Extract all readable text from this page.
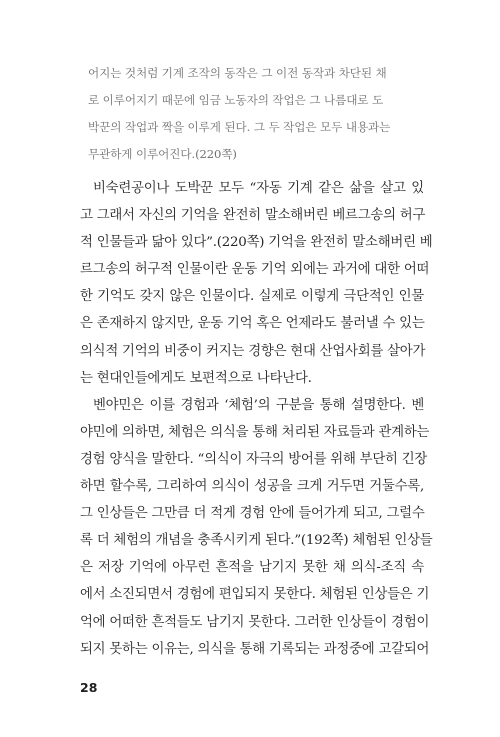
어지는 것처럼 기계 조작의 동작은 그 이전 동작과 차단된 채
로 이루어지기 때문에 임금 노동자의 작업은 그 나름대로 도
박꾼의 작업과 짝을 이루게 된다. 그 두 작업은 모두 내용과는
무관하게 이루어진다.(220쪽)
비숙련공이나 도박꾼 모두 “자동 기계 같은 삶을 살고 있
고 그래서 자신의 기억을 완전히 말소해버린 베르그송의 허구
적 인물들과 닮아 있다”.(220쪽) 기억을 완전히 말소해버린 베
르그송의 허구적 인물이란 운동 기억 외에는 과거에 대한 어떠
한 기억도 갖지 않은 인물이다. 실제로 이렇게 극단적인 인물
은 존재하지 않지만, 운동 기억 혹은 언제라도 불러낼 수 있는
의식적 기억의 비중이 커지는 경향은 현대 산업사회를 살아가
는 현대인들에게도 보편적으로 나타난다.
벤야민은 이를 경험과 ‘체험’의 구분을 통해 설명한다. 벤
야민에 의하면, 체험은 의식을 통해 처리된 자료들과 관계하는
경험 양식을 말한다. “의식이 자극의 방어를 위해 부단히 긴장
하면 할수록, 그리하여 의식이 성공을 크게 거두면 거둘수록,
그 인상들은 그만큼 더 적게 경험 안에 들어가게 되고, 그럴수
록 더 체험의 개념을 충족시키게 된다.”(192쪽) 체험된 인상들
은 저장 기억에 아무런 흔적을 남기지 못한 채 의식-조직 속
에서 소진되면서 경험에 편입되지 못한다. 체험된 인상들은 기
억에 어떠한 흔적들도 남기지 못한다. 그러한 인상들이 경험이
되지 못하는 이유는, 의식을 통해 기록되는 과정중에 고갈되어
28
